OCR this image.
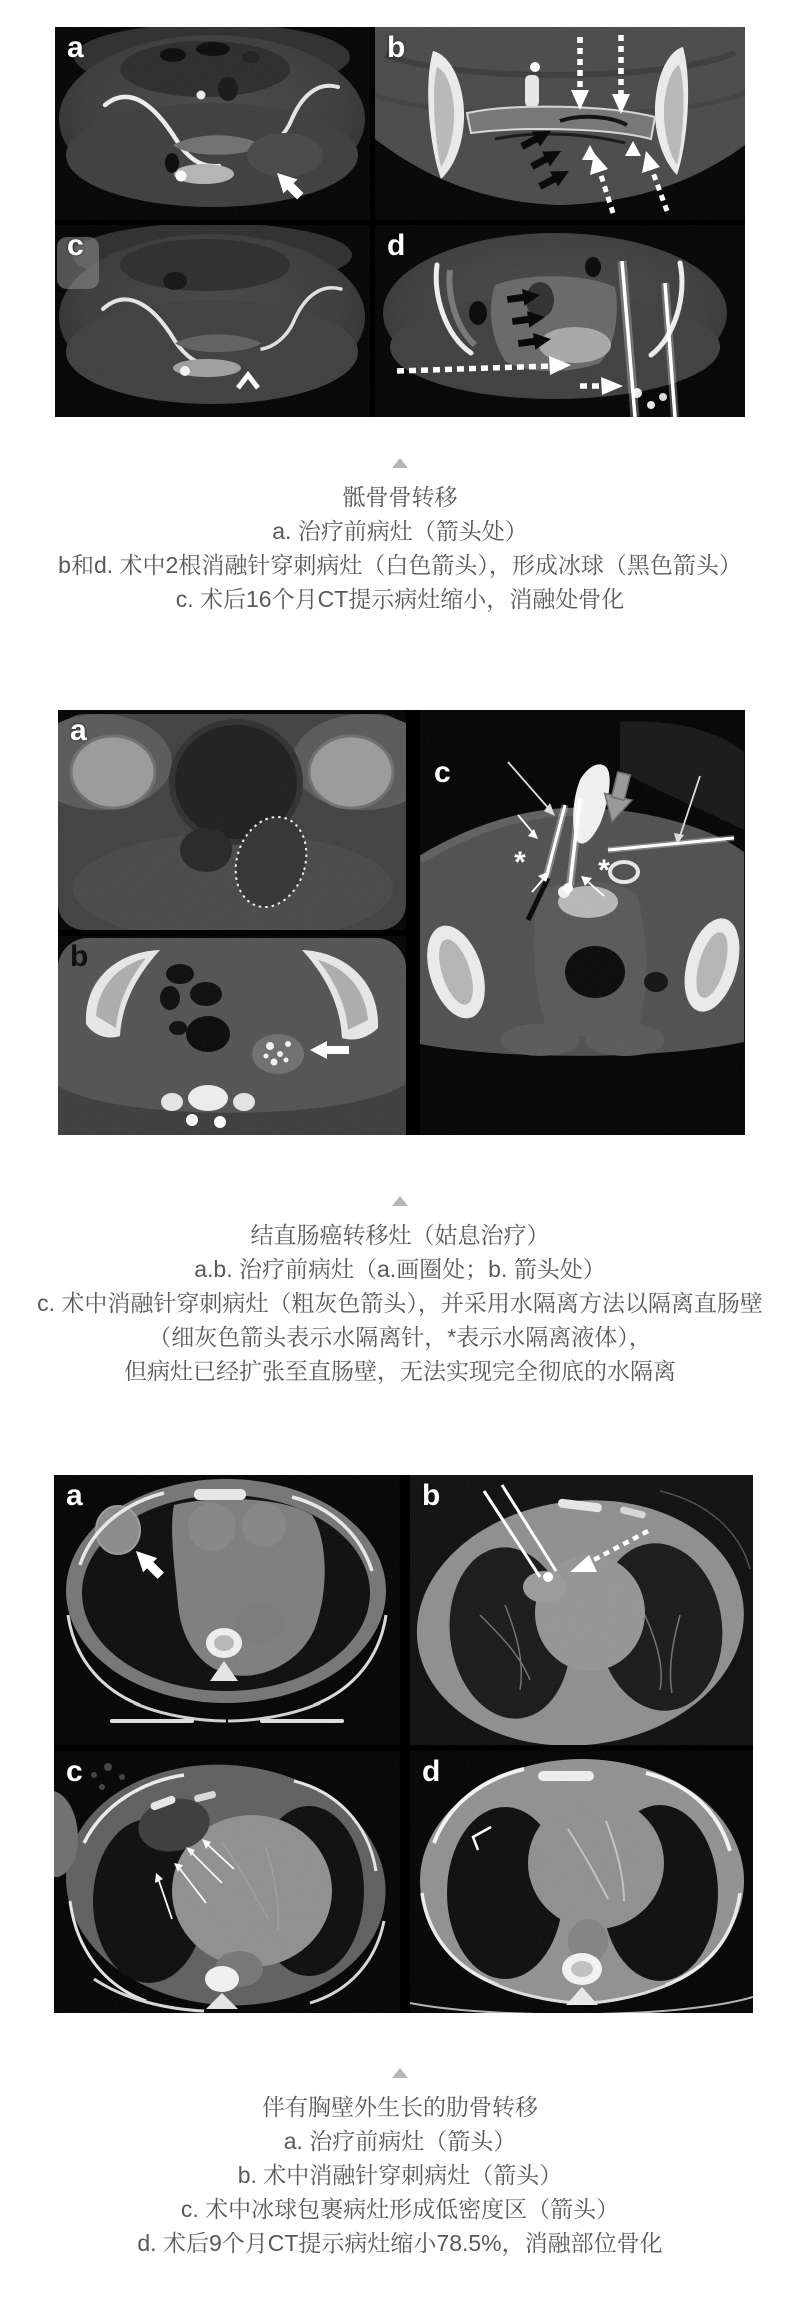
a	b
c	d
骶骨骨转移
a. 治疗前病灶（箭头处）
b和d. 术中2根消融针穿刺病灶（白色箭头），形成冰球（黑色箭头）
c. 术后16个月CT提示病灶缩小，消融处骨化
a
b
* *
c
结直肠癌转移灶（姑息治疗）
a.b. 治疗前病灶（a.画圈处；b. 箭头处）
c. 术中消融针穿刺病灶（粗灰色箭头），并采用水隔离方法以隔离直肠壁
（细灰色箭头表示水隔离针，*表示水隔离液体），
但病灶已经扩张至直肠壁，无法实现完全彻底的水隔离
a	b
c	d
伴有胸壁外生长的肋骨转移
a. 治疗前病灶（箭头）
b. 术中消融针穿刺病灶（箭头）
c. 术中冰球包裹病灶形成低密度区（箭头）
d. 术后9个月CT提示病灶缩小78.5%，消融部位骨化
